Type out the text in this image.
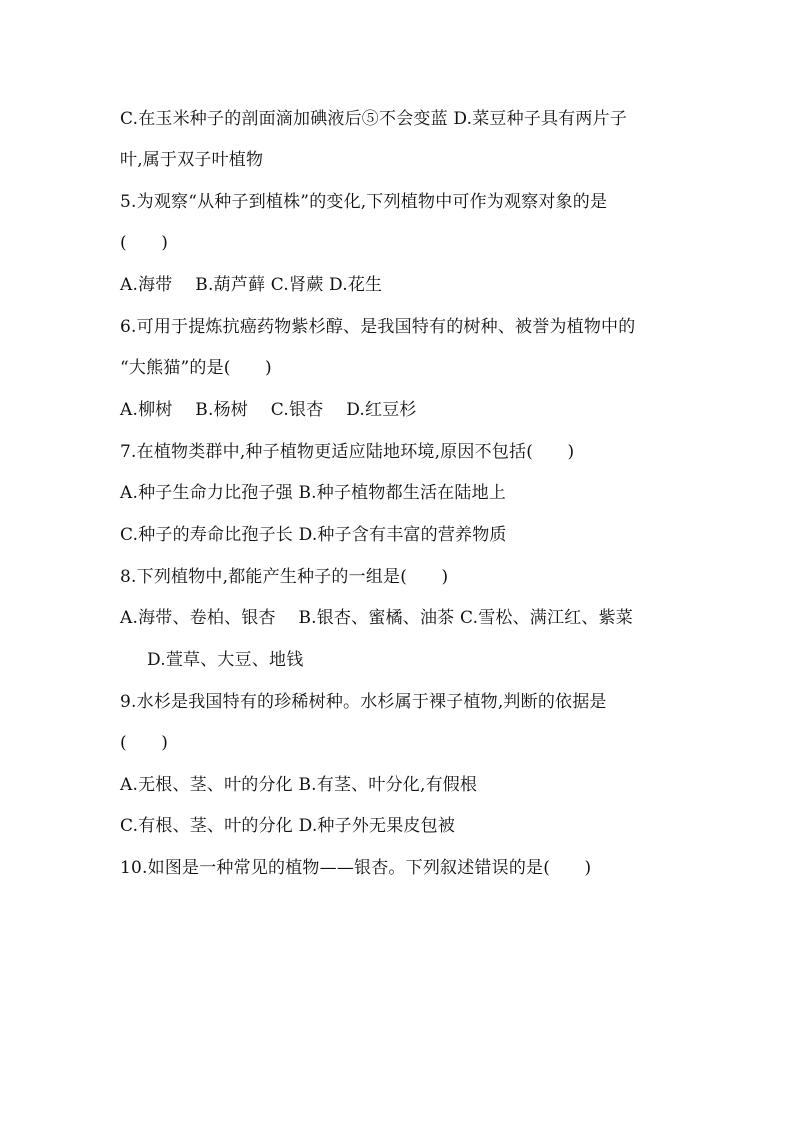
C.在玉米种子的剖面滴加碘液后⑤不会变蓝 D.菜豆种子具有两片子
叶,属于双子叶植物
5.为观察“从种子到植株”的变化,下列植物中可作为观察对象的是
(　　)
A.海带　 B.葫芦藓 C.肾蕨 D.花生
6.可用于提炼抗癌药物紫杉醇、是我国特有的树种、被誉为植物中的
“大熊猫”的是(　　)
A.柳树　 B.杨树　 C.银杏　 D.红豆杉
7.在植物类群中,种子植物更适应陆地环境,原因不包括(　　)
A.种子生命力比孢子强 B.种子植物都生活在陆地上
C.种子的寿命比孢子长 D.种子含有丰富的营养物质
8.下列植物中,都能产生种子的一组是(　　)
A.海带、卷柏、银杏　 B.银杏、蜜橘、油茶 C.雪松、满江红、紫菜
D.萱草、大豆、地钱
9.水杉是我国特有的珍稀树种。水杉属于裸子植物,判断的依据是
(　　)
A.无根、茎、叶的分化 B.有茎、叶分化,有假根
C.有根、茎、叶的分化 D.种子外无果皮包被
10.如图是一种常见的植物——银杏。下列叙述错误的是(　　)
